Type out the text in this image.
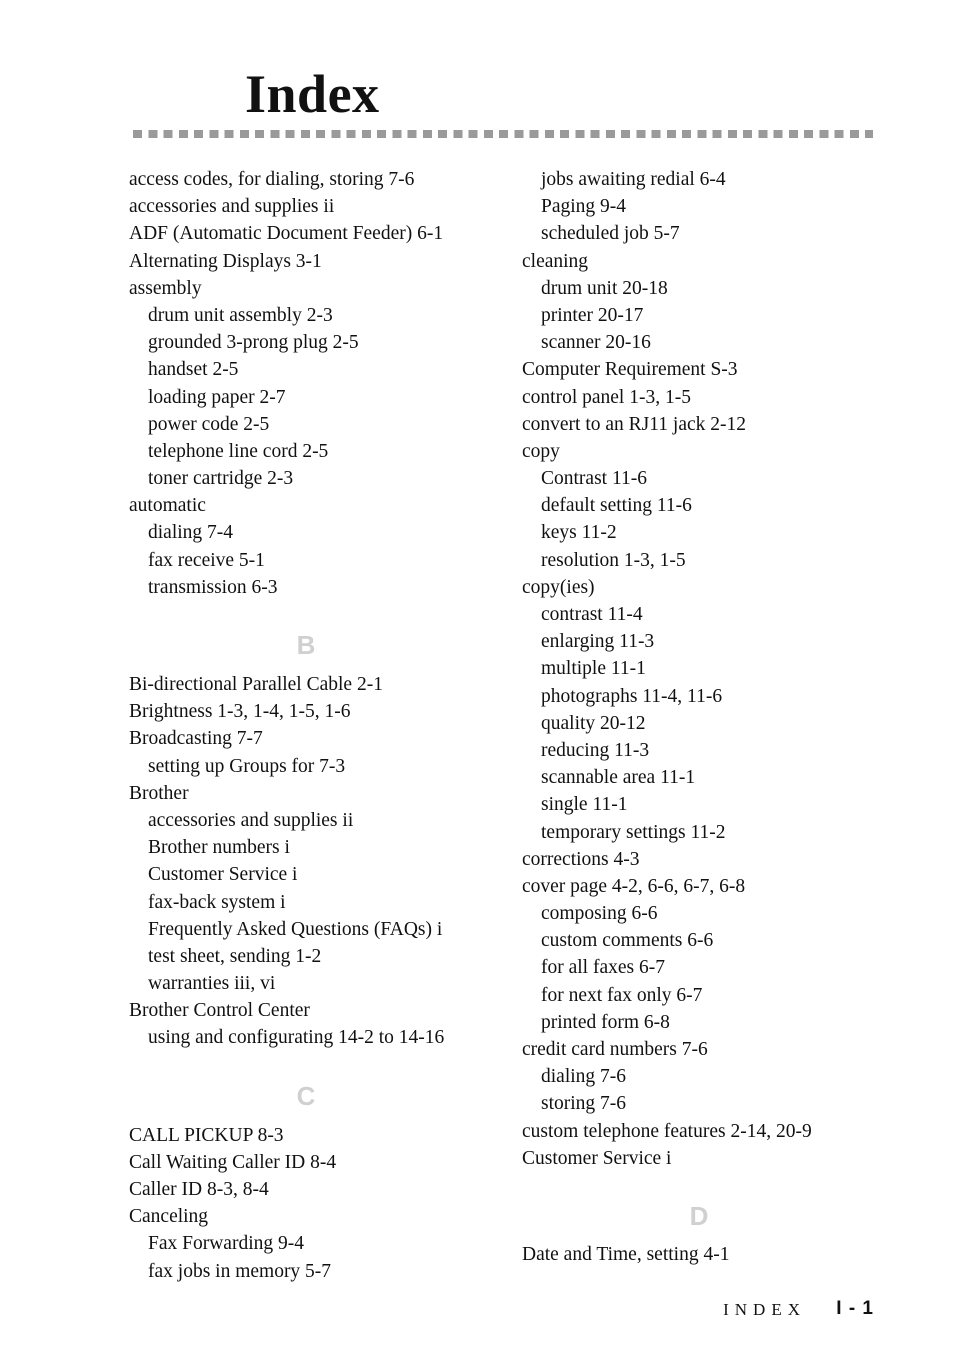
Index
access codes, for dialing, storing 7-6
accessories and supplies ii
ADF (Automatic Document Feeder) 6-1
Alternating Displays 3-1
assembly
drum unit assembly 2-3
grounded 3-prong plug 2-5
handset 2-5
loading paper 2-7
power code 2-5
telephone line cord 2-5
toner cartridge 2-3
automatic
dialing 7-4
fax receive 5-1
transmission 6-3
B
Bi-directional Parallel Cable 2-1
Brightness 1-3, 1-4, 1-5, 1-6
Broadcasting 7-7
setting up Groups for 7-3
Brother
accessories and supplies ii
Brother numbers i
Customer Service i
fax-back system i
Frequently Asked Questions (FAQs) i
test sheet, sending 1-2
warranties iii, vi
Brother Control Center
using and configurating 14-2 to 14-16
C
CALL PICKUP 8-3
Call Waiting Caller ID 8-4
Caller ID 8-3, 8-4
Canceling
Fax Forwarding 9-4
fax jobs in memory 5-7
jobs awaiting redial 6-4
Paging 9-4
scheduled job 5-7
cleaning
drum unit 20-18
printer 20-17
scanner 20-16
Computer Requirement S-3
control panel 1-3, 1-5
convert to an RJ11 jack 2-12
copy
Contrast 11-6
default setting 11-6
keys 11-2
resolution 1-3, 1-5
copy(ies)
contrast 11-4
enlarging 11-3
multiple 11-1
photographs 11-4, 11-6
quality 20-12
reducing 11-3
scannable area 11-1
single 11-1
temporary settings 11-2
corrections 4-3
cover page 4-2, 6-6, 6-7, 6-8
composing 6-6
custom comments 6-6
for all faxes 6-7
for next fax only 6-7
printed form 6-8
credit card numbers 7-6
dialing 7-6
storing 7-6
custom telephone features 2-14, 20-9
Customer Service i
D
Date and Time, setting 4-1
INDEX I - 1
